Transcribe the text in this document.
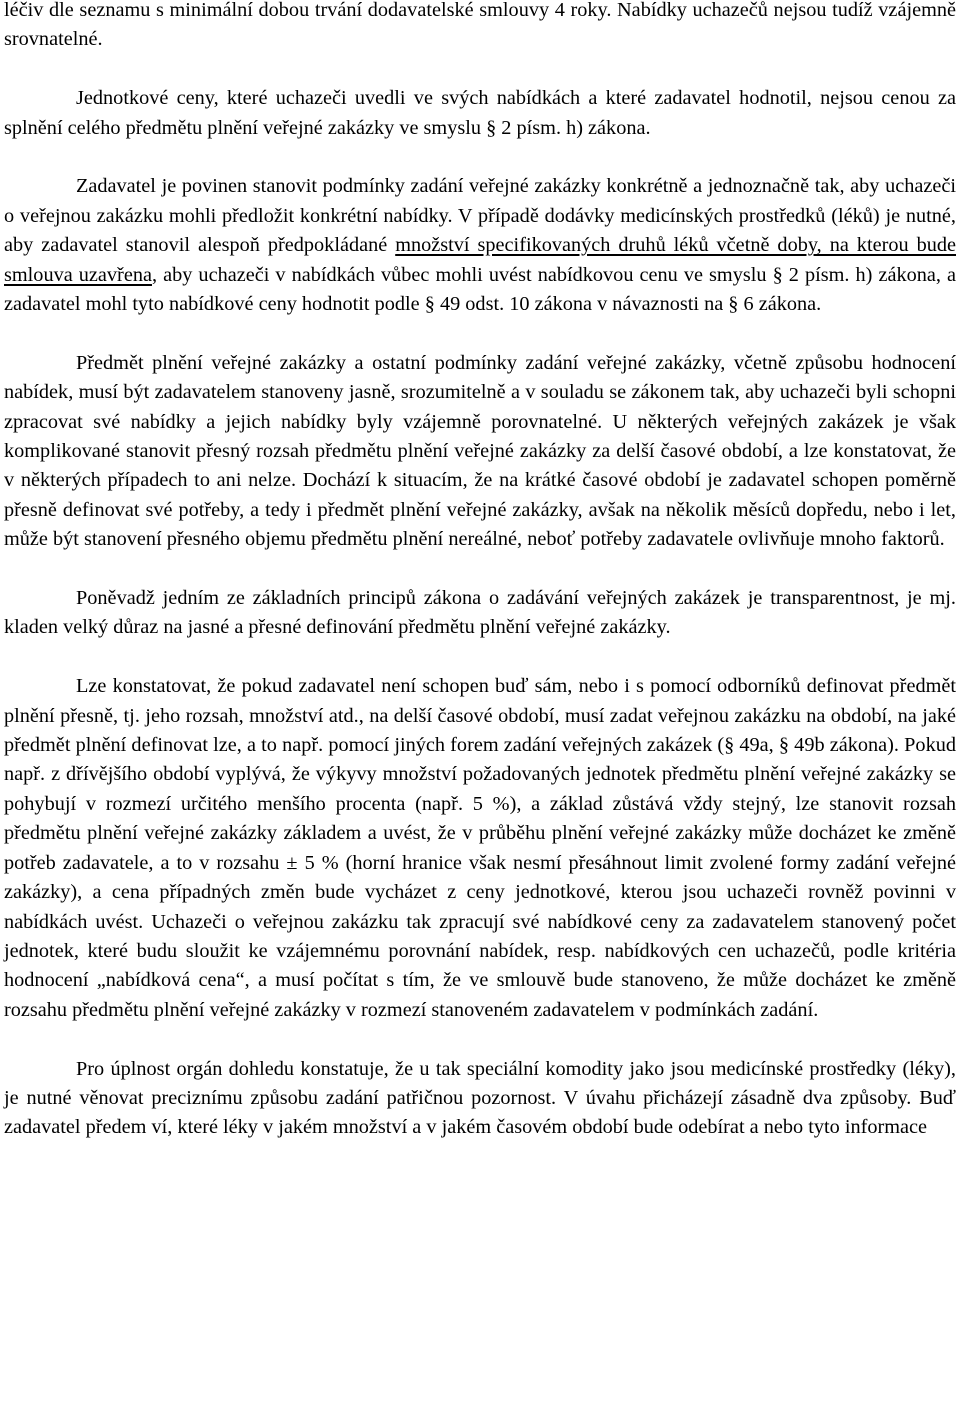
léčiv dle seznamu s minimální dobou trvání dodavatelské smlouvy 4 roky. Nabídky uchazečů nejsou tudíž vzájemně srovnatelné.

Jednotkové ceny, které uchazeči uvedli ve svých nabídkách a které zadavatel hodnotil, nejsou cenou za splnění celého předmětu plnění veřejné zakázky ve smyslu § 2 písm. h) zákona.

Zadavatel je povinen stanovit podmínky zadání veřejné zakázky konkrétně a jednoznačně tak, aby uchazeči o veřejnou zakázku mohli předložit konkrétní nabídky. V případě dodávky medicínských prostředků (léků) je nutné, aby zadavatel stanovil alespoň předpokládané množství specifikovaných druhů léků včetně doby, na kterou bude smlouva uzavřena, aby uchazeči v nabídkách vůbec mohli uvést nabídkovou cenu ve smyslu § 2 písm. h) zákona, a zadavatel mohl tyto nabídkové ceny hodnotit podle § 49 odst. 10 zákona v návaznosti na § 6 zákona.

Předmět plnění veřejné zakázky a ostatní podmínky zadání veřejné zakázky, včetně způsobu hodnocení nabídek, musí být zadavatelem stanoveny jasně, srozumitelně a v souladu se zákonem tak, aby uchazeči byli schopni zpracovat své nabídky a jejich nabídky byly vzájemně porovnatelné. U některých veřejných zakázek je však komplikované stanovit přesný rozsah předmětu plnění veřejné zakázky za delší časové období, a lze konstatovat, že v některých případech to ani nelze. Dochází k situacím, že na krátké časové období je zadavatel schopen poměrně přesně definovat své potřeby, a tedy i předmět plnění veřejné zakázky, avšak na několik měsíců dopředu, nebo i let, může být stanovení přesného objemu předmětu plnění nereálné, neboť potřeby zadavatele ovlivňuje mnoho faktorů.

Poněvadž jedním ze základních principů zákona o zadávání veřejných zakázek je transparentnost, je mj. kladen velký důraz na jasné a přesné definování předmětu plnění veřejné zakázky.

Lze konstatovat, že pokud zadavatel není schopen buď sám, nebo i s pomocí odborníků definovat předmět plnění přesně, tj. jeho rozsah, množství atd., na delší časové období, musí zadat veřejnou zakázku na období, na jaké předmět plnění definovat lze, a to např. pomocí jiných forem zadání veřejných zakázek (§ 49a, § 49b zákona). Pokud např. z dřívějšího období vyplývá, že výkyvy množství požadovaných jednotek předmětu plnění veřejné zakázky se pohybují v rozmezí určitého menšího procenta (např. 5 %), a základ zůstává vždy stejný, lze stanovit rozsah předmětu plnění veřejné zakázky základem a uvést, že v průběhu plnění veřejné zakázky může docházet ke změně potřeb zadavatele, a to v rozsahu ± 5 % (horní hranice však nesmí přesáhnout limit zvolené formy zadání veřejné zakázky), a cena případných změn bude vycházet z ceny jednotkové, kterou jsou uchazeči rovněž povinni v nabídkách uvést. Uchazeči o veřejnou zakázku tak zpracují své nabídkové ceny za zadavatelem stanovený počet jednotek, které budu sloužit ke vzájemnému porovnání nabídek, resp. nabídkových cen uchazečů, podle kritéria hodnocení „nabídková cena“, a musí počítat s tím, že ve smlouvě bude stanoveno, že může docházet ke změně rozsahu předmětu plnění veřejné zakázky v rozmezí stanoveném zadavatelem v podmínkách zadání.

Pro úplnost orgán dohledu konstatuje, že u tak speciální komodity jako jsou medicínské prostředky (léky), je nutné věnovat preciznímu způsobu zadání patřičnou pozornost. V úvahu přicházejí zásadně dva způsoby. Buď zadavatel předem ví, které léky v jakém množství a v jakém časovém období bude odebírat a nebo tyto informace
